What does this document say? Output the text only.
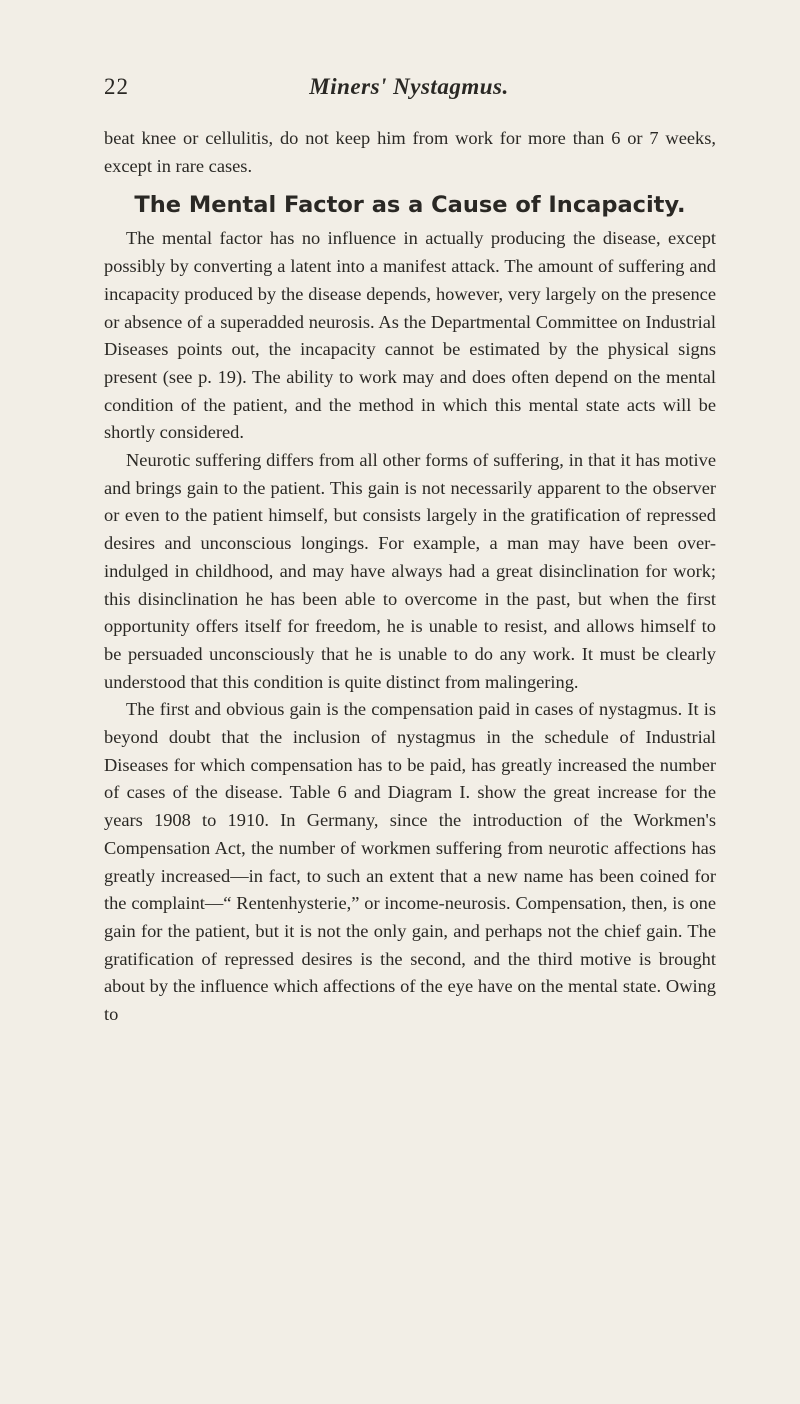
22	Miners' Nystagmus.

beat knee or cellulitis, do not keep him from work for more than 6 or 7 weeks, except in rare cases.

The Mental Factor as a Cause of Incapacity.

The mental factor has no influence in actually producing the disease, except possibly by converting a latent into a manifest attack. The amount of suffering and incapacity produced by the disease depends, however, very largely on the presence or absence of a superadded neurosis. As the Departmental Committee on Industrial Diseases points out, the incapacity cannot be estimated by the physical signs present (see p. 19). The ability to work may and does often depend on the mental condition of the patient, and the method in which this mental state acts will be shortly considered.

Neurotic suffering differs from all other forms of suffering, in that it has motive and brings gain to the patient. This gain is not necessarily apparent to the observer or even to the patient himself, but consists largely in the gratification of repressed desires and unconscious longings. For example, a man may have been over-indulged in childhood, and may have always had a great disinclination for work; this disinclination he has been able to overcome in the past, but when the first opportunity offers itself for freedom, he is unable to resist, and allows himself to be persuaded unconsciously that he is unable to do any work. It must be clearly understood that this condition is quite distinct from malingering.

The first and obvious gain is the compensation paid in cases of nystagmus. It is beyond doubt that the inclusion of nystagmus in the schedule of Industrial Diseases for which compensation has to be paid, has greatly increased the number of cases of the disease. Table 6 and Diagram I. show the great increase for the years 1908 to 1910. In Germany, since the introduction of the Workmen's Compensation Act, the number of workmen suffering from neurotic affections has greatly increased—in fact, to such an extent that a new name has been coined for the complaint—“ Rentenhysterie,” or income-neurosis. Compensation, then, is one gain for the patient, but it is not the only gain, and perhaps not the chief gain. The gratification of repressed desires is the second, and the third motive is brought about by the influence which affections of the eye have on the mental state. Owing to
